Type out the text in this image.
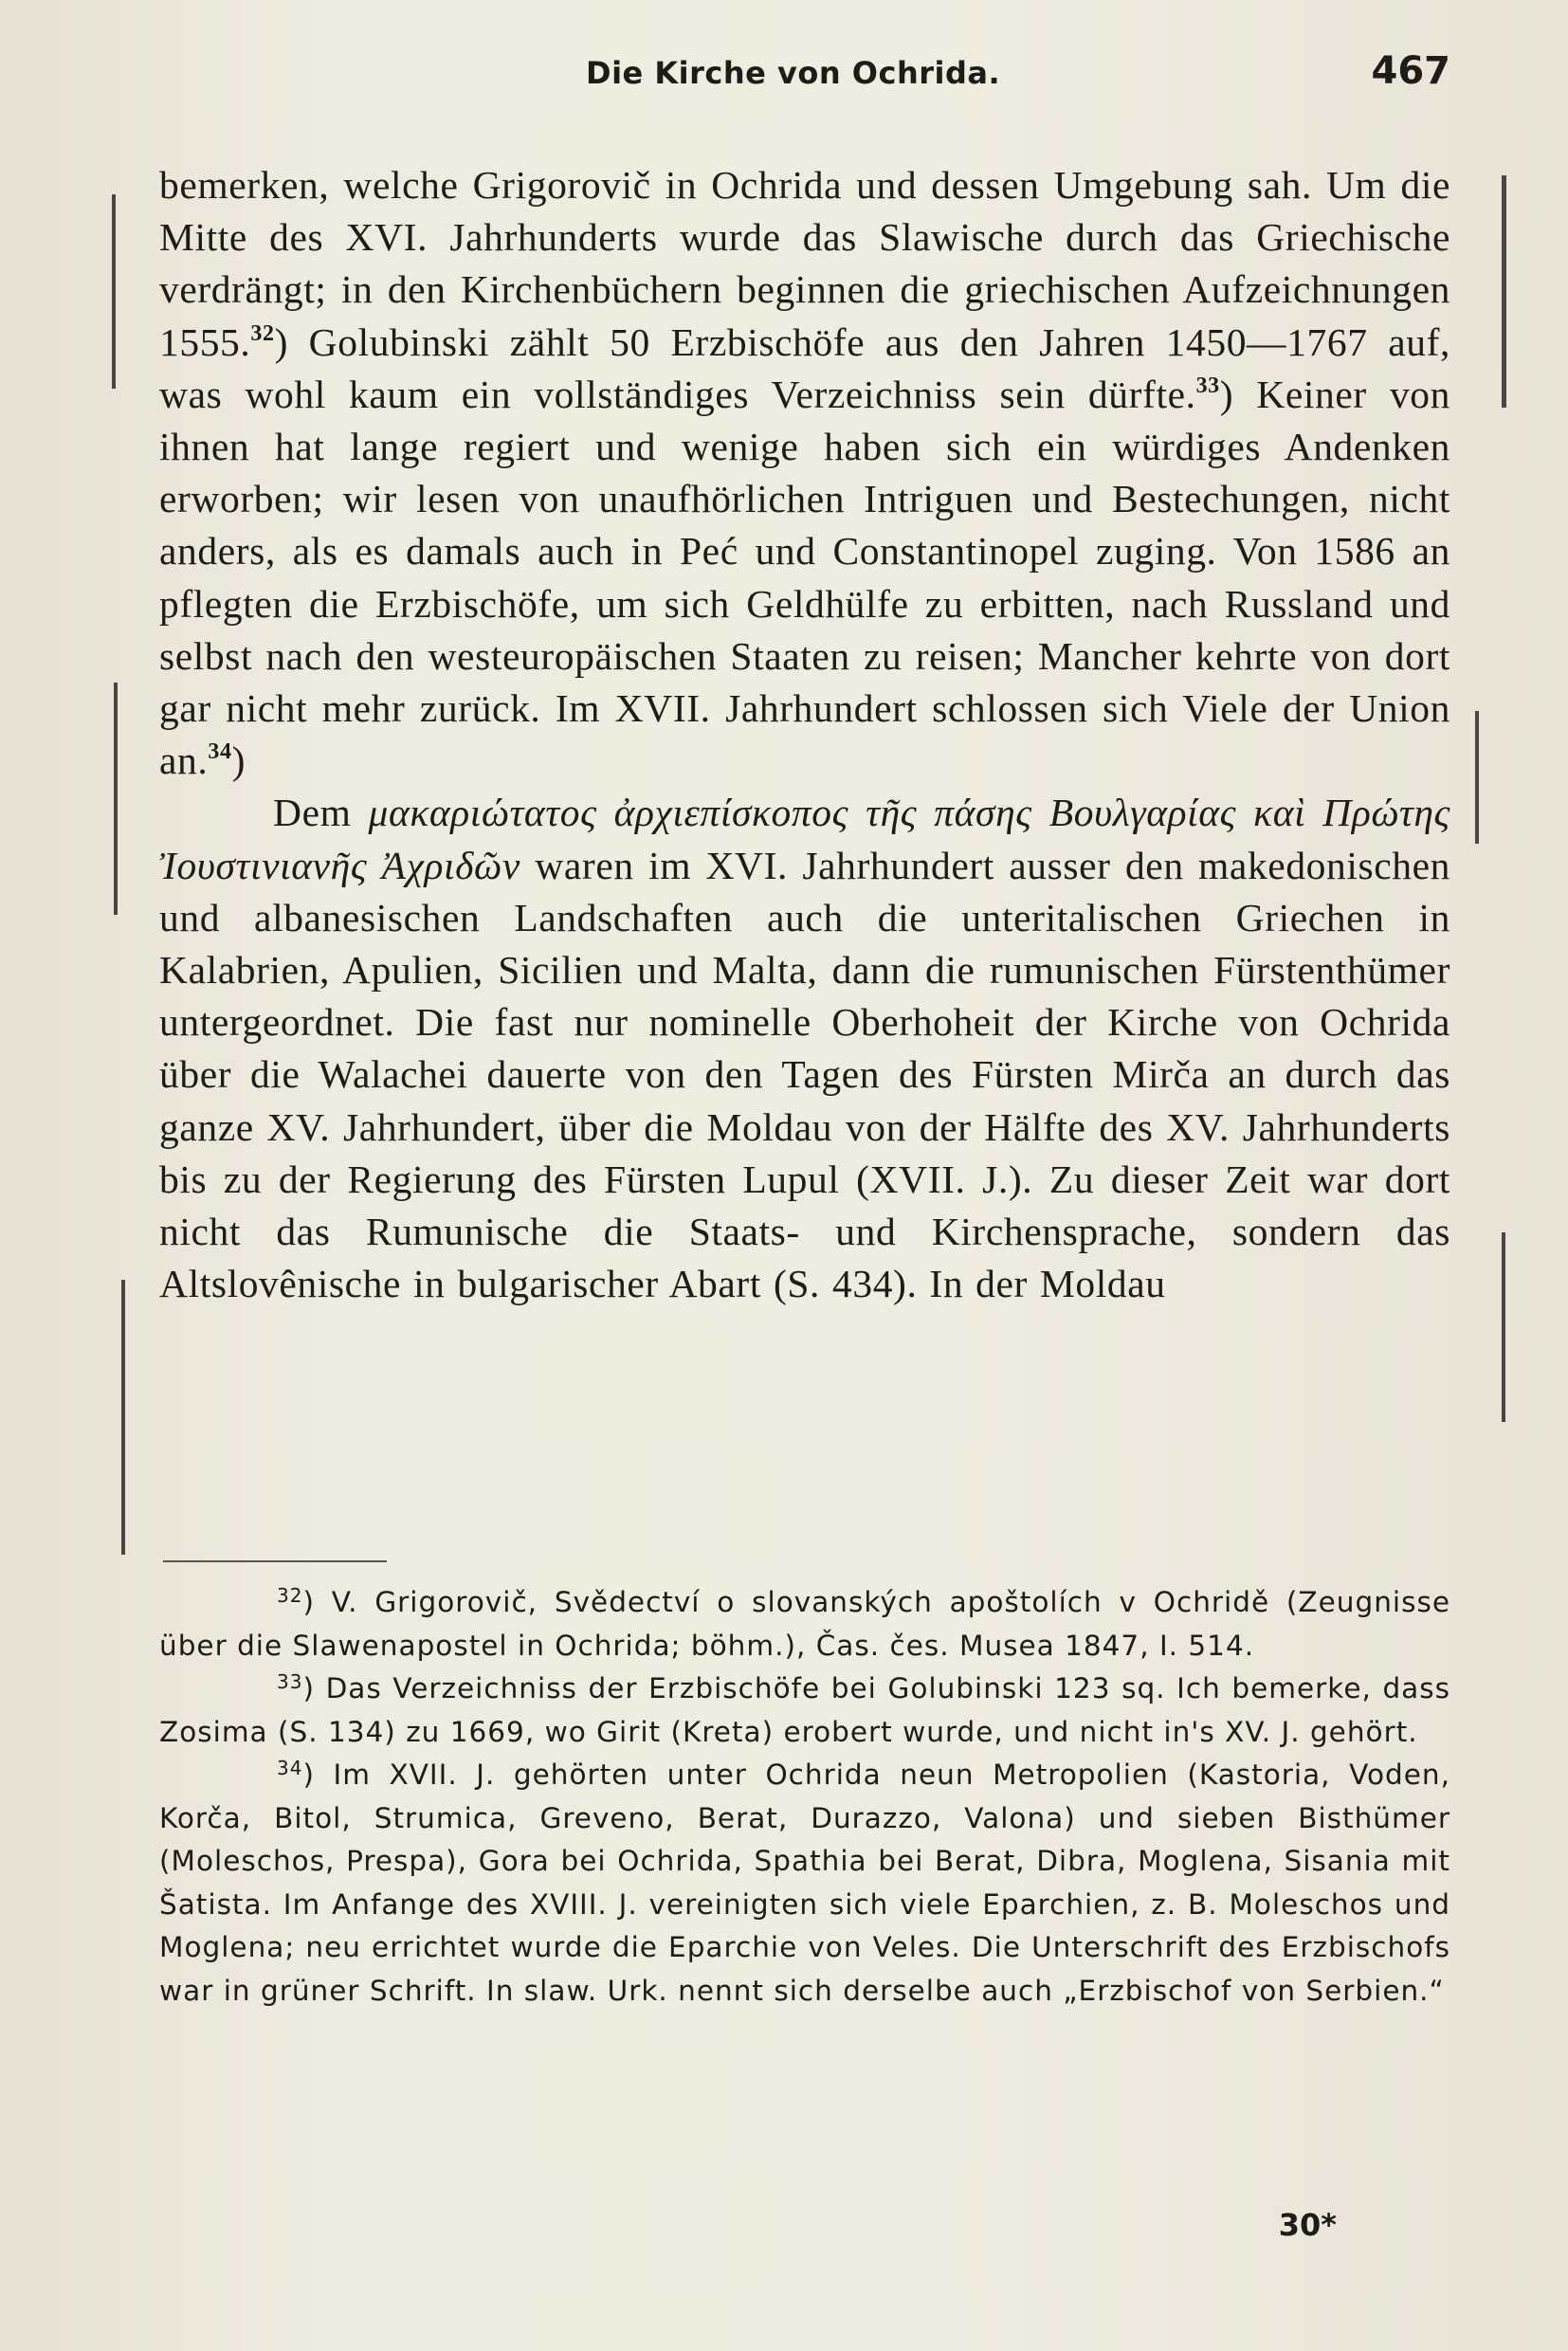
Die Kirche von Ochrida.	467

bemerken, welche Grigorovič in Ochrida und dessen Umgebung sah. Um die Mitte des XVI. Jahrhunderts wurde das Slawische durch das Griechische verdrängt; in den Kirchenbüchern beginnen die griechischen Aufzeichnungen 1555.32) Golubinski zählt 50 Erzbischöfe aus den Jahren 1450—1767 auf, was wohl kaum ein vollständiges Verzeichniss sein dürfte.$^{33}$) Keiner von ihnen hat lange regiert und wenige haben sich ein würdiges Andenken erworben; wir lesen von unaufhörlichen Intriguen und Bestechungen, nicht anders, als es damals auch in Peć und Constantinopel zuging. Von 1586 an pflegten die Erzbischöfe, um sich Geldhülfe zu erbitten, nach Russland und selbst nach den westeuropäischen Staaten zu reisen; Mancher kehrte von dort gar nicht mehr zurück. Im XVII. Jahrhundert schlossen sich Viele der Union an.$^{34}$)

Dem μακαριώτατος ἀρχιεπίσκοπος τῆς πάσης Βουλγαρίας καὶ Πρώτης Ἰουστινιανῆς Ἀχριδῶν waren im XVI. Jahrhundert ausser den makedonischen und albanesischen Landschaften auch die unteritalischen Griechen in Kalabrien, Apulien, Sicilien und Malta, dann die rumunischen Fürstenthümer untergeordnet. Die fast nur nominelle Oberhoheit der Kirche von Ochrida über die Walachei dauerte von den Tagen des Fürsten Mirča an durch das ganze XV. Jahrhundert, über die Moldau von der Hälfte des XV. Jahrhunderts bis zu der Regierung des Fürsten Lupul (XVII. J.). Zu dieser Zeit war dort nicht das Rumunische die Staats- und Kirchensprache, sondern das Altslovênische in bulgarischer Abart (S. 434). In der Moldau

$^{32}$) V. Grigorovič, Svědectví o slovanských apoštolích v Ochridě (Zeugnisse über die Slawenapostel in Ochrida; böhm.), Čas. čes. Musea 1847, I. 514.

$^{33}$) Das Verzeichniss der Erzbischöfe bei Golubinski 123 sq. Ich bemerke, dass Zosima (S. 134) zu 1669, wo Girit (Kreta) erobert wurde, und nicht in's XV. J. gehört.

$^{34}$) Im XVII. J. gehörten unter Ochrida neun Metropolien (Kastoria, Voden, Korča, Bitol, Strumica, Greveno, Berat, Durazzo, Valona) und sieben Bisthümer (Moleschos, Prespa), Gora bei Ochrida, Spathia bei Berat, Dibra, Moglena, Sisania mit Šatista. Im Anfange des XVIII. J. vereinigten sich viele Eparchien, z. B. Moleschos und Moglena; neu errichtet wurde die Eparchie von Veles. Die Unterschrift des Erzbischofs war in grüner Schrift. In slaw. Urk. nennt sich derselbe auch „Erzbischof von Serbien.“

30*
